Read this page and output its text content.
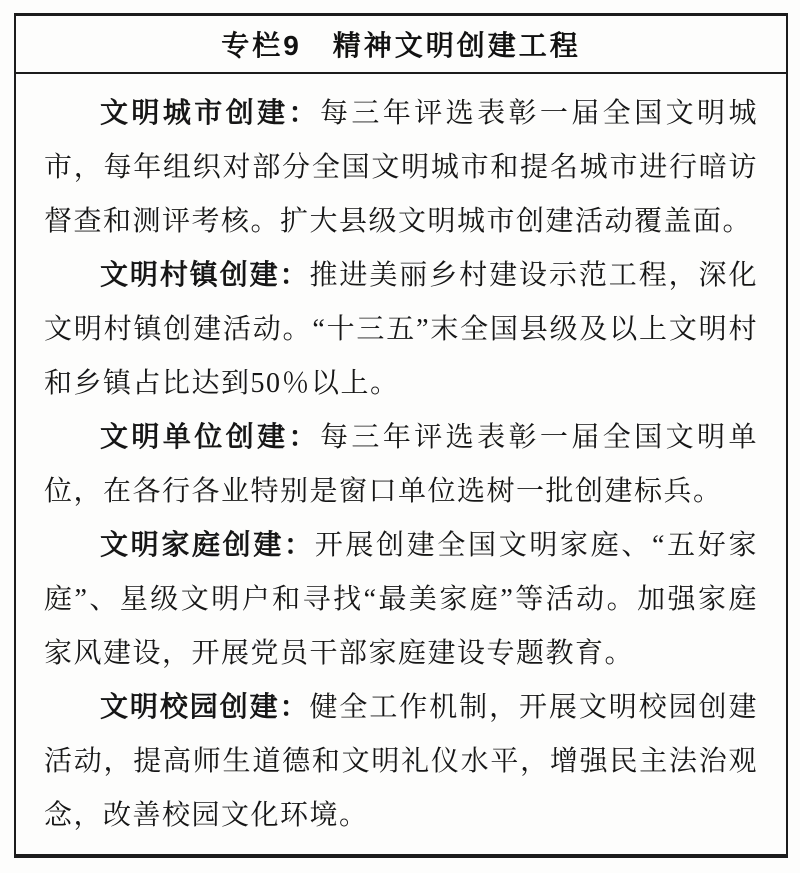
专栏9　精神文明创建工程

文明城市创建：每三年评选表彰一届全国文明城市，每年组织对部分全国文明城市和提名城市进行暗访督查和测评考核。扩大县级文明城市创建活动覆盖面。

文明村镇创建：推进美丽乡村建设示范工程，深化文明村镇创建活动。“十三五”末全国县级及以上文明村和乡镇占比达到50％以上。

文明单位创建：每三年评选表彰一届全国文明单位，在各行各业特别是窗口单位选树一批创建标兵。

文明家庭创建：开展创建全国文明家庭、“五好家庭”、星级文明户和寻找“最美家庭”等活动。加强家庭家风建设，开展党员干部家庭建设专题教育。

文明校园创建：健全工作机制，开展文明校园创建活动，提高师生道德和文明礼仪水平，增强民主法治观念，改善校园文化环境。
